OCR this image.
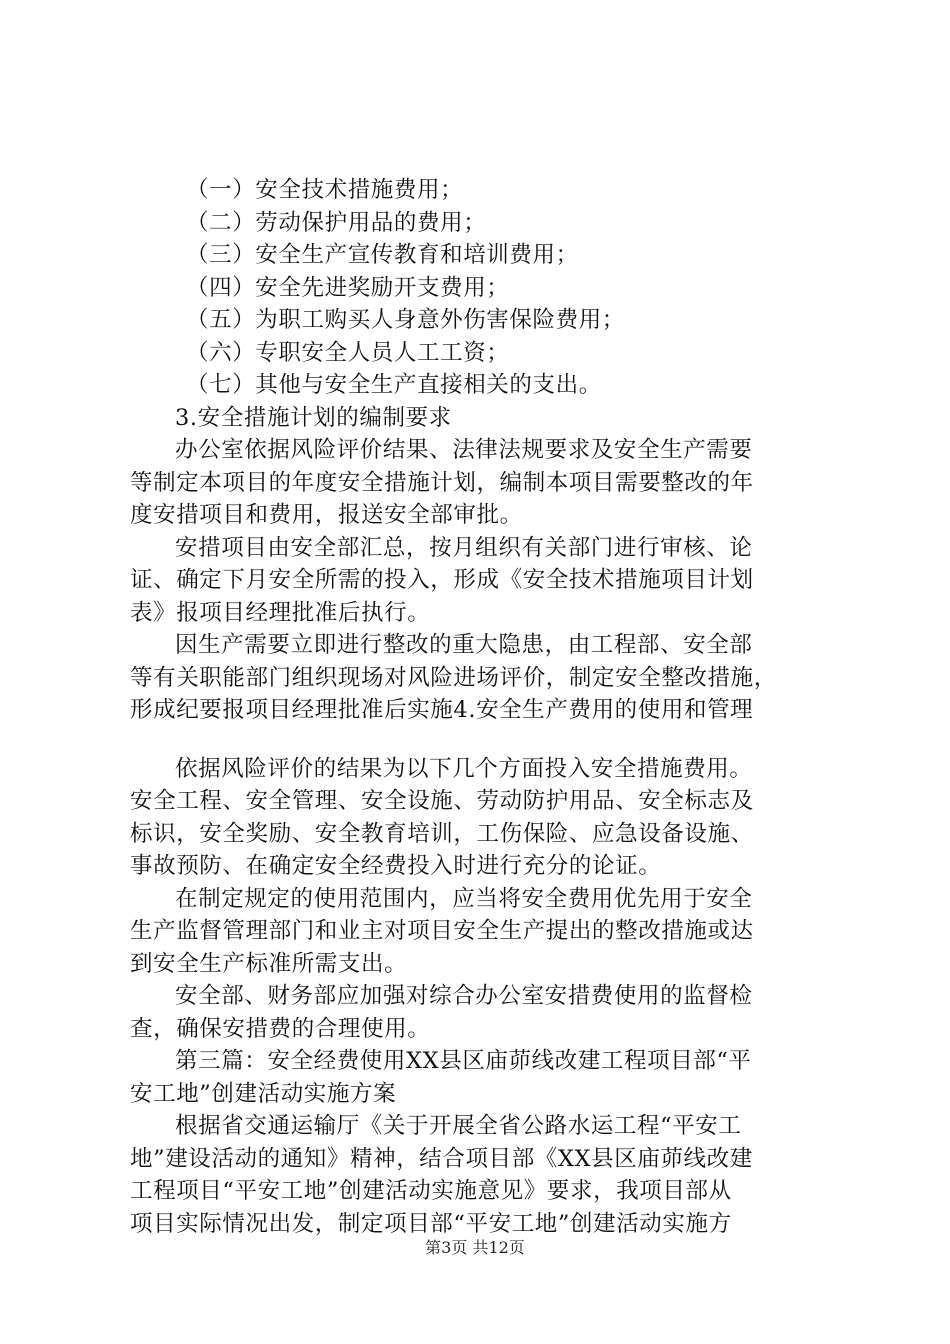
（一）安全技术措施费用；
（二）劳动保护用品的费用；
（三）安全生产宣传教育和培训费用；
（四）安全先进奖励开支费用；
（五）为职工购买人身意外伤害保险费用；
（六）专职安全人员人工工资；
（七）其他与安全生产直接相关的支出。
3.安全措施计划的编制要求
办公室依据风险评价结果、法律法规要求及安全生产需要
等制定本项目的年度安全措施计划，编制本项目需要整改的年
度安措项目和费用，报送安全部审批。
安措项目由安全部汇总，按月组织有关部门进行审核、论
证、确定下月安全所需的投入，形成《安全技术措施项目计划
表》报项目经理批准后执行。
因生产需要立即进行整改的重大隐患，由工程部、安全部
等有关职能部门组织现场对风险进场评价，制定安全整改措施，
形成纪要报项目经理批准后实施4.安全生产费用的使用和管理
依据风险评价的结果为以下几个方面投入安全措施费用。
安全工程、安全管理、安全设施、劳动防护用品、安全标志及
标识，安全奖励、安全教育培训，工伤保险、应急设备设施、
事故预防、在确定安全经费投入时进行充分的论证。
在制定规定的使用范围内，应当将安全费用优先用于安全
生产监督管理部门和业主对项目安全生产提出的整改措施或达
到安全生产标准所需支出。
安全部、财务部应加强对综合办公室安措费使用的监督检
查，确保安措费的合理使用。
第三篇：安全经费使用XX县区庙茆线改建工程项目部“平
安工地”创建活动实施方案
根据省交通运输厅《关于开展全省公路水运工程“平安工
地”建设活动的通知》精神，结合项目部《XX县区庙茆线改建
工程项目“平安工地”创建活动实施意见》要求，我项目部从
项目实际情况出发，制定项目部“平安工地”创建活动实施方
第3页 共12页
